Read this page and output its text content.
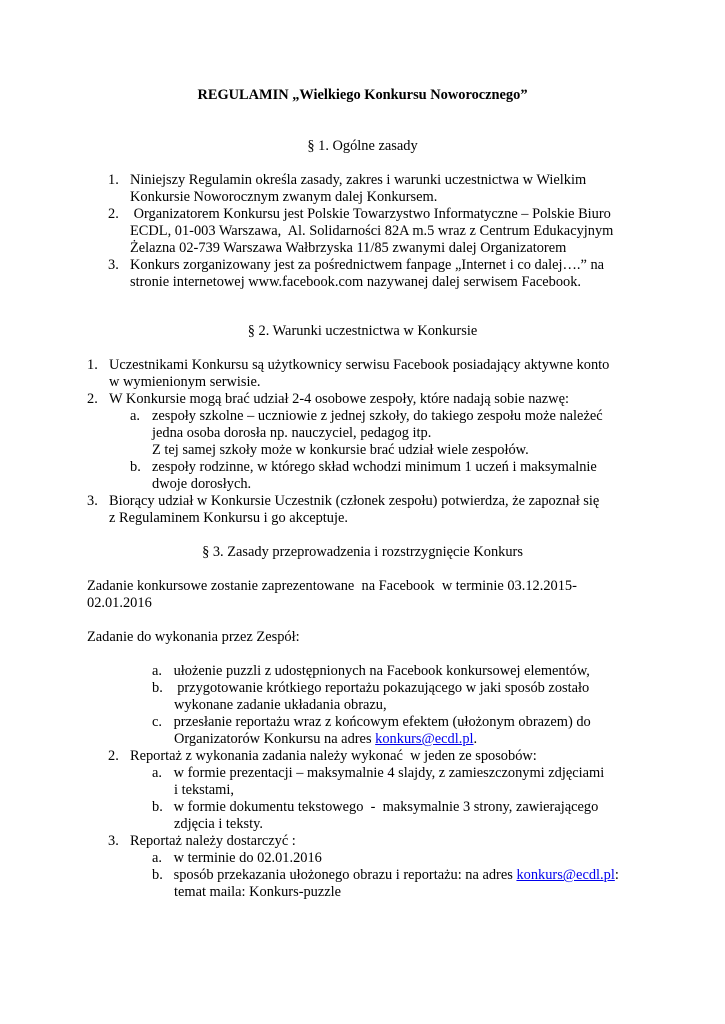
REGULAMIN „Wielkiego Konkursu Noworocznego”
§ 1. Ogólne zasady
1. Niniejszy Regulamin określa zasady, zakres i warunki uczestnictwa w Wielkim
Konkursie Noworocznym zwanym dalej Konkursem.
2. Organizatorem Konkursu jest Polskie Towarzystwo Informatyczne – Polskie Biuro
ECDL, 01-003 Warszawa,  Al. Solidarności 82A m.5 wraz z Centrum Edukacyjnym
Żelazna 02-739 Warszawa Wałbrzyska 11/85 zwanymi dalej Organizatorem
3. Konkurs zorganizowany jest za pośrednictwem fanpage „Internet i co dalej….” na
stronie internetowej www.facebook.com nazywanej dalej serwisem Facebook.
§ 2. Warunki uczestnictwa w Konkursie
1. Uczestnikami Konkursu są użytkownicy serwisu Facebook posiadający aktywne konto
w wymienionym serwisie.
2. W Konkursie mogą brać udział 2-4 osobowe zespoły, które nadają sobie nazwę:
a. zespoły szkolne – uczniowie z jednej szkoły, do takiego zespołu może należeć
jedna osoba dorosła np. nauczyciel, pedagog itp.
Z tej samej szkoły może w konkursie brać udział wiele zespołów.
b. zespoły rodzinne, w którego skład wchodzi minimum 1 uczeń i maksymalnie
dwoje dorosłych.
3. Biorący udział w Konkursie Uczestnik (członek zespołu) potwierdza, że zapoznał się
z Regulaminem Konkursu i go akceptuje.
§ 3. Zasady przeprowadzenia i rozstrzygnięcie Konkurs
Zadanie konkursowe zostanie zaprezentowane  na Facebook  w terminie 03.12.2015-
02.01.2016
Zadanie do wykonania przez Zespół:
a. ułożenie puzzli z udostępnionych na Facebook konkursowej elementów,
b. przygotowanie krótkiego reportażu pokazującego w jaki sposób zostało
wykonane zadanie układania obrazu,
c. przesłanie reportażu wraz z końcowym efektem (ułożonym obrazem) do
Organizatorów Konkursu na adres konkurs@ecdl.pl.
2. Reportaż z wykonania zadania należy wykonać  w jeden ze sposobów:
a. w formie prezentacji – maksymalnie 4 slajdy, z zamieszczonymi zdjęciami
i tekstami,
b. w formie dokumentu tekstowego  -  maksymalnie 3 strony, zawierającego
zdjęcia i teksty.
3. Reportaż należy dostarczyć :
a. w terminie do 02.01.2016
b. sposób przekazania ułożonego obrazu i reportażu: na adres konkurs@ecdl.pl:
temat maila: Konkurs-puzzle
